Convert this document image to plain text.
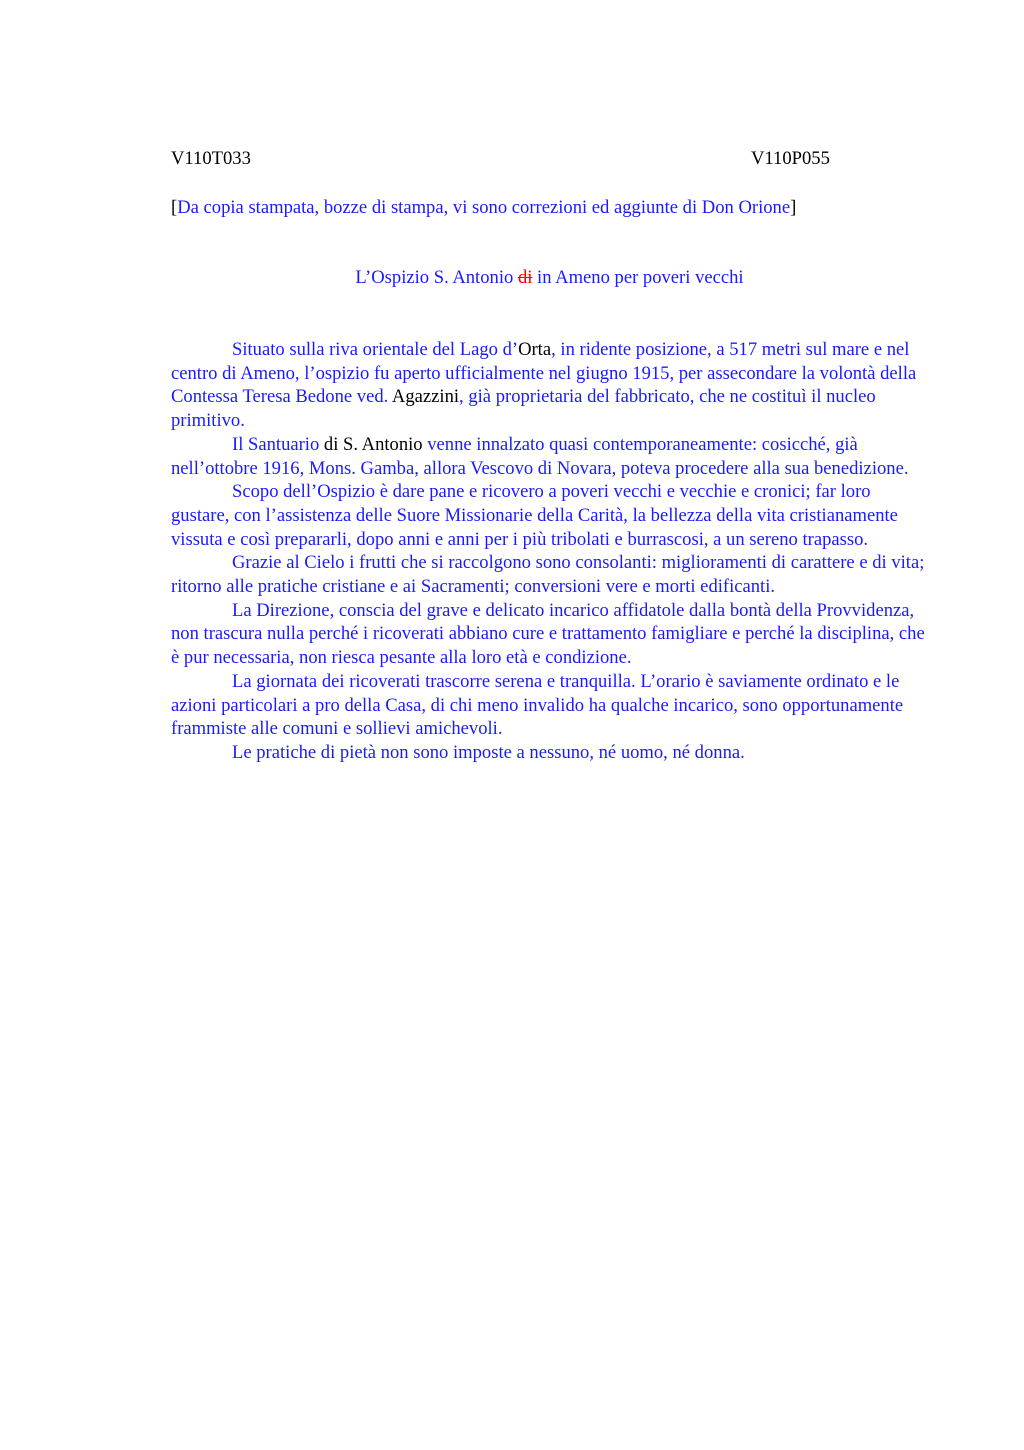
V110T033	V110P055
[Da copia stampata, bozze di stampa, vi sono correzioni ed aggiunte di Don Orione]
L’Ospizio S. Antonio di in Ameno per poveri vecchi

Situato sulla riva orientale del Lago d’Orta, in ridente posizione, a 517 metri sul mare e nel centro di Ameno, l’ospizio fu aperto ufficialmente nel giugno 1915, per assecondare la volontà della Contessa Teresa Bedone ved. Agazzini, già proprietaria del fabbricato, che ne costituì il nucleo primitivo.

Il Santuario di S. Antonio venne innalzato quasi contemporaneamente: cosicché, già nell’ottobre 1916, Mons. Gamba, allora Vescovo di Novara, poteva procedere alla sua benedizione.

Scopo dell’Ospizio è dare pane e ricovero a poveri vecchi e vecchie e cronici; far loro gustare, con l’assistenza delle Suore Missionarie della Carità, la bellezza della vita cristianamente vissuta e così prepararli, dopo anni e anni per i più tribolati e burrascosi, a un sereno trapasso.

Grazie al Cielo i frutti che si raccolgono sono consolanti: miglioramenti di carattere e di vita; ritorno alle pratiche cristiane e ai Sacramenti; conversioni vere e morti edificanti.

La Direzione, conscia del grave e delicato incarico affidatole dalla bontà della Provvidenza, non trascura nulla perché i ricoverati abbiano cure e trattamento famigliare e perché la disciplina, che è pur necessaria, non riesca pesante alla loro età e condizione.

La giornata dei ricoverati trascorre serena e tranquilla. L’orario è saviamente ordinato e le azioni particolari a pro della Casa, di chi meno invalido ha qualche incarico, sono opportunamente frammiste alle comuni e sollievi amichevoli.

Le pratiche di pietà non sono imposte a nessuno, né uomo, né donna.
